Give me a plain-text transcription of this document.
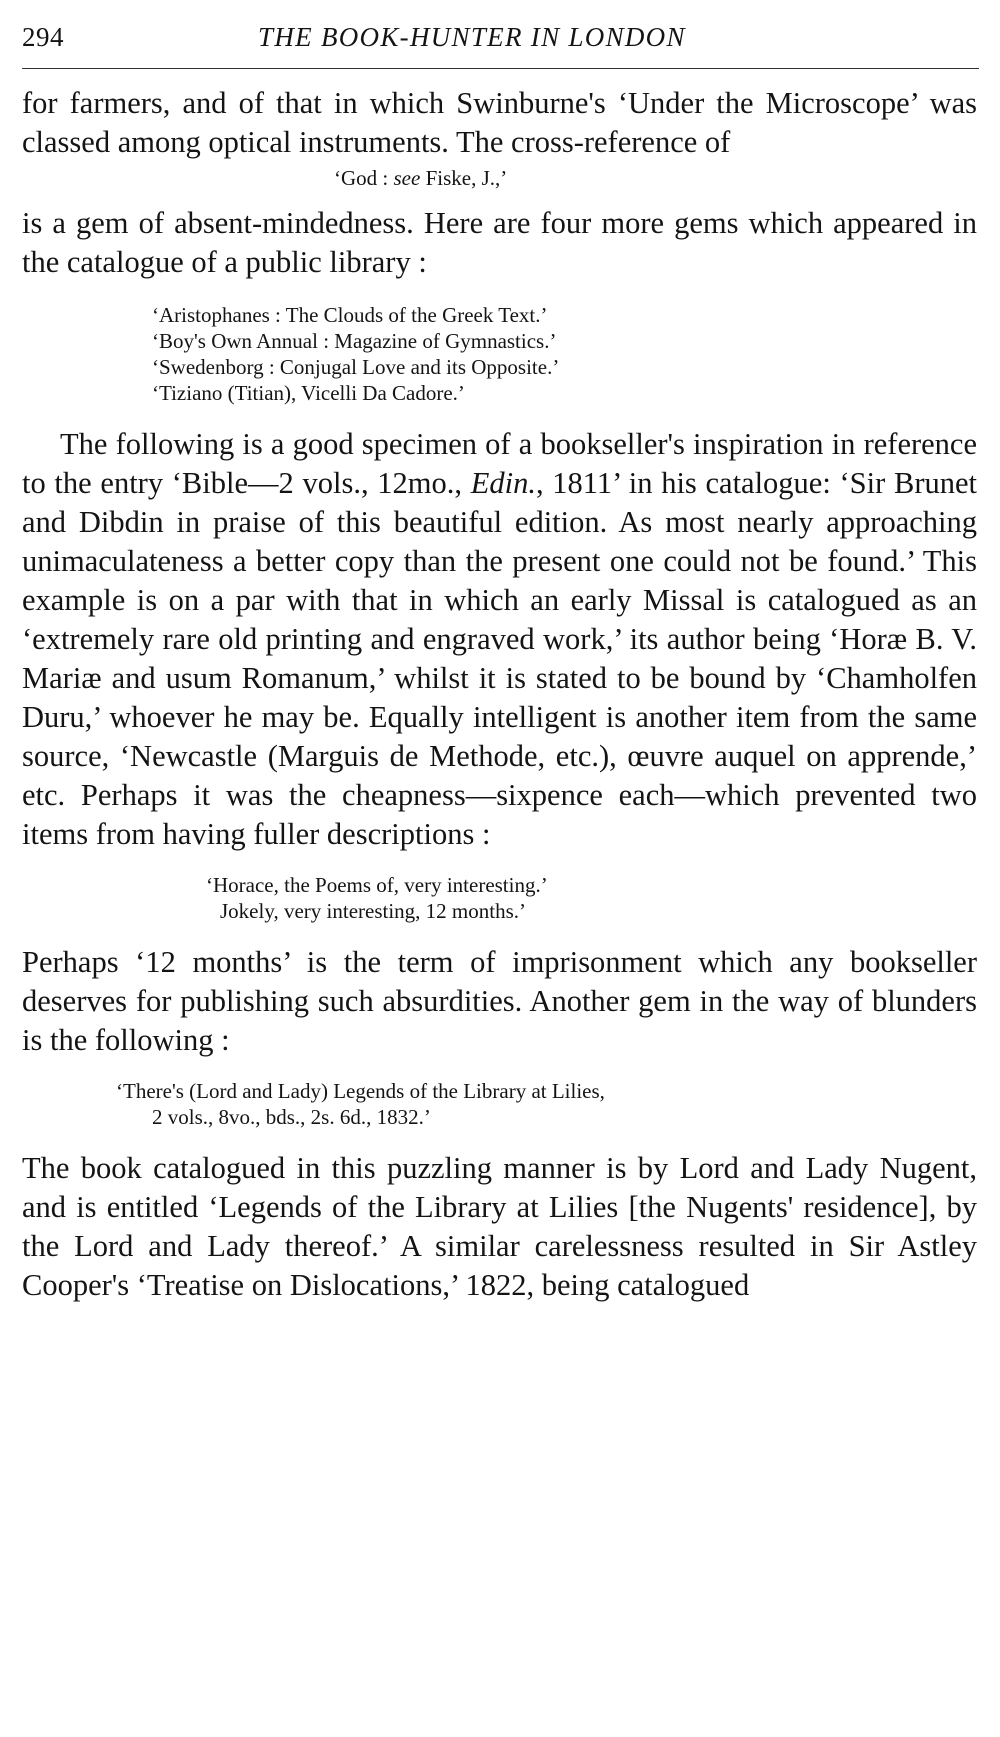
294	THE BOOK-HUNTER IN LONDON

for farmers, and of that in which Swinburne's ‘Under the Microscope’ was classed among optical instruments. The cross-reference of

‘God : see Fiske, J.,’

is a gem of absent-mindedness. Here are four more gems which appeared in the catalogue of a public library :

‘Aristophanes : The Clouds of the Greek Text.’
‘Boy's Own Annual : Magazine of Gymnastics.’
‘Swedenborg : Conjugal Love and its Opposite.’
‘Tiziano (Titian), Vicelli Da Cadore.’

The following is a good specimen of a bookseller's inspiration in reference to the entry ‘Bible—2 vols., 12mo., Edin., 1811’ in his catalogue: ‘Sir Brunet and Dibdin in praise of this beautiful edition. As most nearly approaching unimaculateness a better copy than the present one could not be found.’ This example is on a par with that in which an early Missal is catalogued as an ‘extremely rare old printing and engraved work,’ its author being ‘Horæ B. V. Mariæ and usum Romanum,’ whilst it is stated to be bound by ‘Chamholfen Duru,’ whoever he may be. Equally intelligent is another item from the same source, ‘Newcastle (Marguis de Methode, etc.), œuvre auquel on apprende,’ etc. Perhaps it was the cheapness—sixpence each—which prevented two items from having fuller descriptions :

‘Horace, the Poems of, very interesting.’
Jokely, very interesting, 12 months.’

Perhaps ‘12 months’ is the term of imprisonment which any bookseller deserves for publishing such absurdities. Another gem in the way of blunders is the following :

‘There's (Lord and Lady) Legends of the Library at Lilies,
2 vols., 8vo., bds., 2s. 6d., 1832.’

The book catalogued in this puzzling manner is by Lord and Lady Nugent, and is entitled ‘Legends of the Library at Lilies [the Nugents' residence], by the Lord and Lady thereof.’ A similar carelessness resulted in Sir Astley Cooper's ‘Treatise on Dislocations,’ 1822, being catalogued
